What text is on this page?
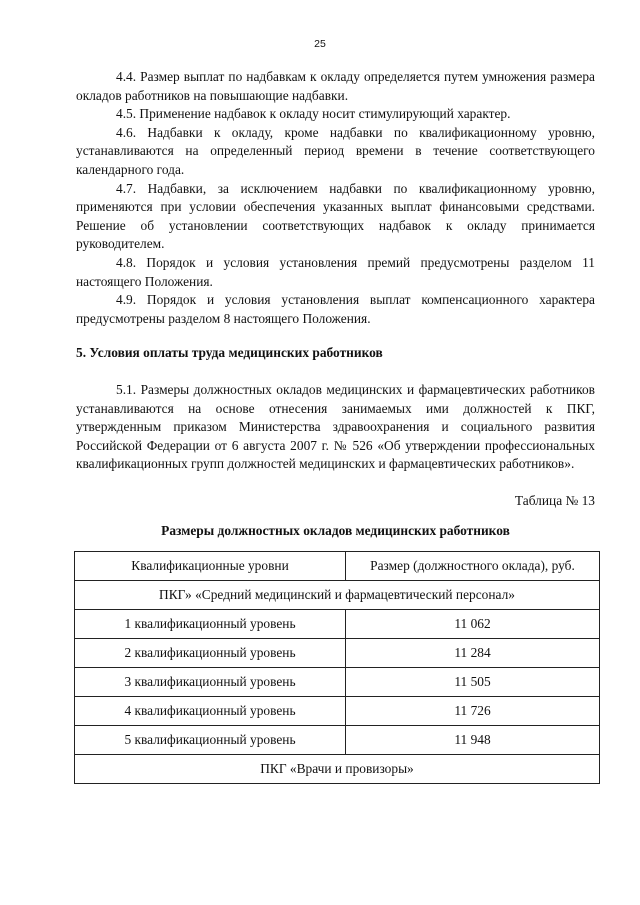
25

4.4. Размер выплат по надбавкам к окладу определяется путем умножения размера окладов работников на повышающие надбавки.

4.5. Применение надбавок к окладу носит стимулирующий характер.

4.6. Надбавки к окладу, кроме надбавки по квалификационному уровню, устанавливаются на определенный период времени в течение соответствующего календарного года.

4.7. Надбавки, за исключением надбавки по квалификационному уровню, применяются при условии обеспечения указанных выплат финансовыми средствами. Решение об установлении соответствующих надбавок к окладу принимается руководителем.

4.8. Порядок и условия установления премий предусмотрены разделом 11 настоящего Положения.

4.9. Порядок и условия установления выплат компенсационного характера предусмотрены разделом 8 настоящего Положения.

5. Условия оплаты труда медицинских работников

5.1. Размеры должностных окладов медицинских и фармацевтических работников устанавливаются на основе отнесения занимаемых ими должностей к ПКГ, утвержденным приказом Министерства здравоохранения и социального развития Российской Федерации от 6 августа 2007 г. № 526 «Об утверждении профессиональных квалификационных групп должностей медицинских и фармацевтических работников».

Таблица № 13

Размеры должностных окладов медицинских работников

Квалификационные уровни	Размер (должностного оклада), руб.
ПКГ» «Средний медицинский и фармацевтический персонал»	
1 квалификационный уровень	11 062
2 квалификационный уровень	11 284
3 квалификационный уровень	11 505
4 квалификационный уровень	11 726
5 квалификационный уровень	11 948
ПКГ «Врачи и провизоры»	
